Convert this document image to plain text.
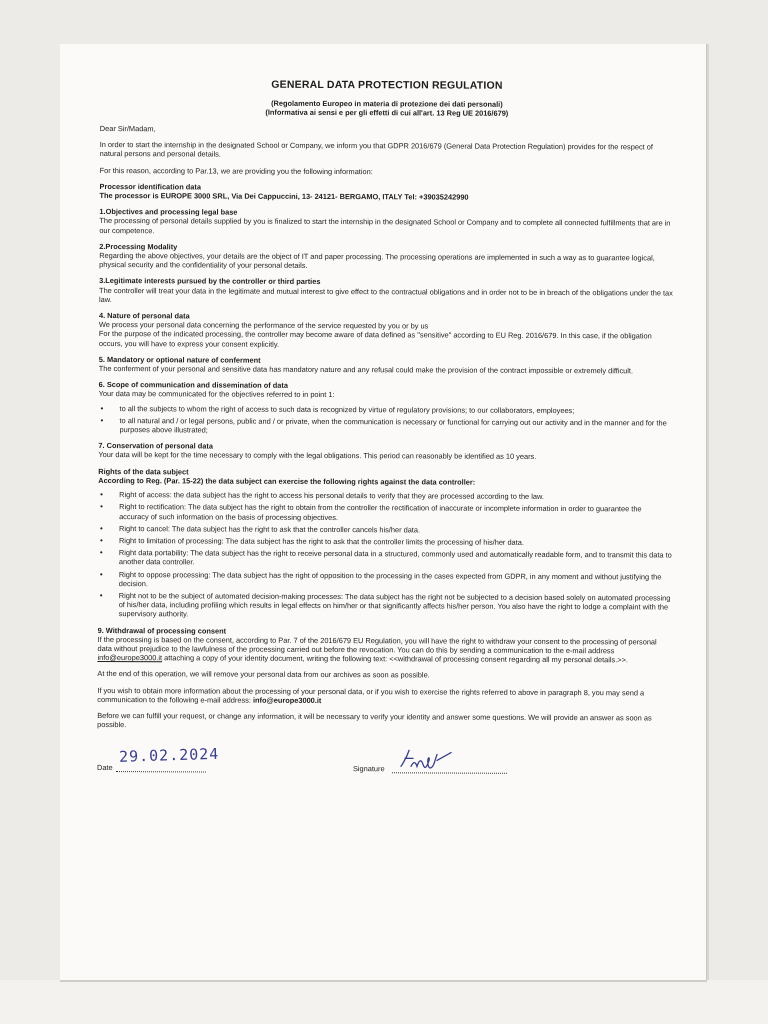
GENERAL DATA PROTECTION REGULATION
(Regolamento Europeo in materia di protezione dei dati personali)
(Informativa ai sensi e per gli effetti di cui all'art. 13 Reg UE 2016/679)

Dear Sir/Madam,

In order to start the internship in the designated School or Company, we inform you that GDPR 2016/679 (General Data Protection Regulation) provides for the respect of natural persons and personal details.

For this reason, according to Par.13, we are providing you the following information:

Processor identification data
The processor is EUROPE 3000 SRL, Via Dei Cappuccini, 13- 24121- BERGAMO, ITALY Tel: +39035242990
1.Objectives and processing legal base
The processing of personal details supplied by you is finalized to start the internship in the designated School or Company and to complete all connected fulfillments that are in our competence.
2.Processing Modality
Regarding the above objectives, your details are the object of IT and paper processing. The processing operations are implemented in such a way as to guarantee logical, physical security and the confidentiality of your personal details.
3.Legitimate interests pursued by the controller or third parties
The controller will treat your data in the legitimate and mutual interest to give effect to the contractual obligations and in order not to be in breach of the obligations under the tax law.
4. Nature of personal data
We process your personal data concerning the performance of the service requested by you or by us
For the purpose of the indicated processing, the controller may become aware of data defined as "sensitive" according to EU Reg. 2016/679. In this case, if the obligation occurs, you will have to express your consent explicitly.
5. Mandatory or optional nature of conferment
The conferment of your personal and sensitive data has mandatory nature and any refusal could make the provision of the contract impossible or extremely difficult.
6. Scope of communication and dissemination of data
Your data may be communicated for the objectives referred to in point 1:
• to all the subjects to whom the right of access to such data is recognized by virtue of regulatory provisions; to our collaborators, employees;
• to all natural and / or legal persons, public and / or private, when the communication is necessary or functional for carrying out our activity and in the manner and for the purposes above illustrated;
7. Conservation of personal data
Your data will be kept for the time necessary to comply with the legal obligations. This period can reasonably be identified as 10 years.
Rights of the data subject
According to Reg. (Par. 15-22) the data subject can exercise the following rights against the data controller:
• Right of access: the data subject has the right to access his personal details to verify that they are processed according to the law.
• Right to rectification: The data subject has the right to obtain from the controller the rectification of inaccurate or incomplete information in order to guarantee the accuracy of such information on the basis of processing objectives.
• Right to cancel: The data subject has the right to ask that the controller cancels his/her data.
• Right to limitation of processing: The data subject has the right to ask that the controller limits the processing of his/her data.
• Right data portability: The data subject has the right to receive personal data in a structured, commonly used and automatically readable form, and to transmit this data to another data controller.
• Right to oppose processing: The data subject has the right of opposition to the processing in the cases expected from GDPR, in any moment and without justifying the decision.
• Right not to be the subject of automated decision-making processes: The data subject has the right not be subjected to a decision based solely on automated processing of his/her data, including profiling which results in legal effects on him/her or that significantly affects his/her person. You also have the right to lodge a complaint with the supervisory authority.
9. Withdrawal of processing consent
If the processing is based on the consent, according to Par. 7 of the 2016/679 EU Regulation, you will have the right to withdraw your consent to the processing of personal data without prejudice to the lawfulness of the processing carried out before the revocation. You can do this by sending a communication to the e-mail address info@europe3000.it attaching a copy of your identity document, writing the following text: <<withdrawal of processing consent regarding all my personal details.>>.

At the end of this operation, we will remove your personal data from our archives as soon as possible.

If you wish to obtain more information about the processing of your personal data, or if you wish to exercise the rights referred to above in paragraph 8, you may send a communication to the following e-mail address: info@europe3000.it

Before we can fulfill your request, or change any information, it will be necessary to verify your identity and answer some questions. We will provide an answer as soon as possible.

Date
29.02.2024
Signature
